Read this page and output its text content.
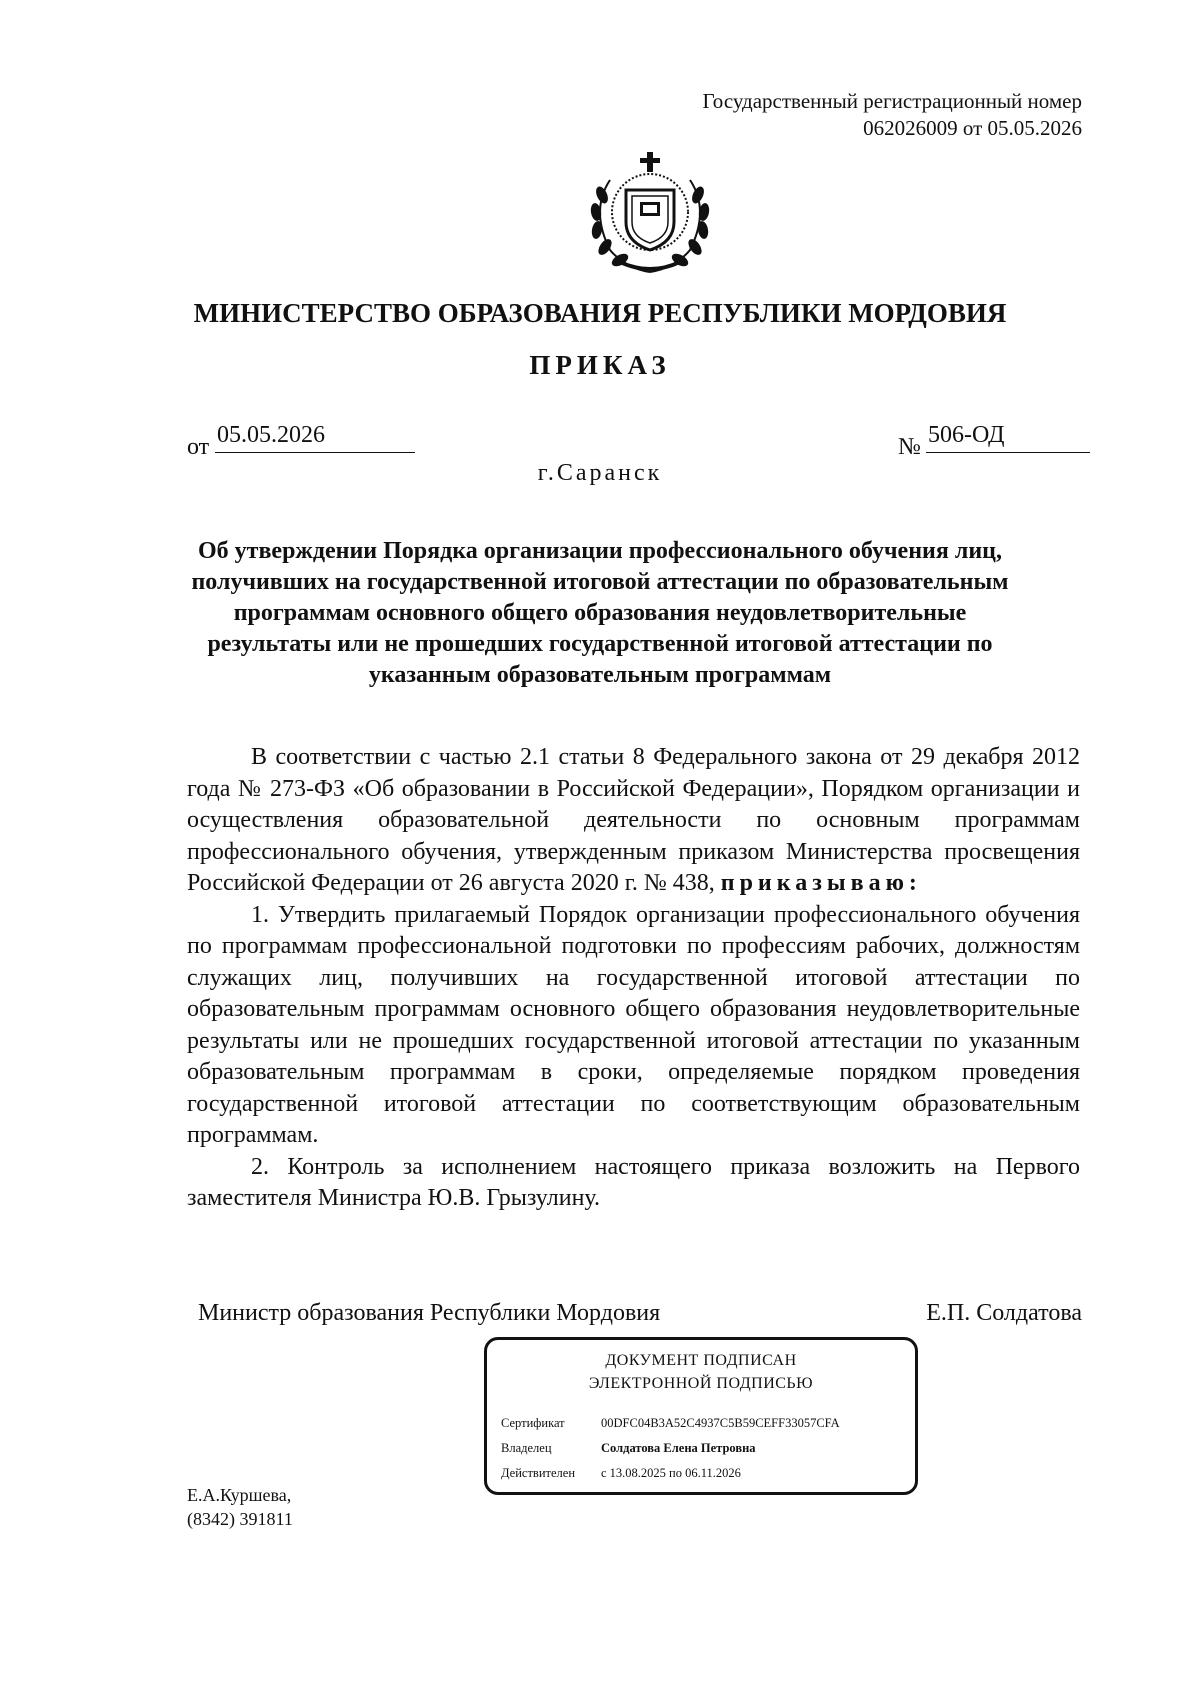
Государственный регистрационный номер
062026009 от 05.05.2026
МИНИСТЕРСТВО ОБРАЗОВАНИЯ РЕСПУБЛИКИ МОРДОВИЯ
ПРИКАЗ
от 05.05.2026	№ 506-ОД
г.Саранск
Об утверждении Порядка организации профессионального обучения лиц, получивших на государственной итоговой аттестации по образовательным программам основного общего образования неудовлетворительные результаты или не прошедших государственной итоговой аттестации по указанным образовательным программам

В соответствии с частью 2.1 статьи 8 Федерального закона от 29 декабря 2012 года № 273-ФЗ «Об образовании в Российской Федерации», Порядком организации и осуществления образовательной деятельности по основным программам профессионального обучения, утвержденным приказом Министерства просвещения Российской Федерации от 26 августа 2020 г. № 438, приказываю:

1. Утвердить прилагаемый Порядок организации профессионального обучения по программам профессиональной подготовки по профессиям рабочих, должностям служащих лиц, получивших на государственной итоговой аттестации по образовательным программам основного общего образования неудовлетворительные результаты или не прошедших государственной итоговой аттестации по указанным образовательным программам в сроки, определяемые порядком проведения государственной итоговой аттестации по соответствующим образовательным программам.

2. Контроль за исполнением настоящего приказа возложить на Первого заместителя Министра Ю.В. Грызулину.

Министр образования Республики Мордовия	Е.П. Солдатова
ДОКУМЕНТ ПОДПИСАН
ЭЛЕКТРОННОЙ ПОДПИСЬЮ
Сертификат	00DFC04B3A52C4937C5B59CEFF33057CFA
Владелец	Солдатова Елена Петровна
Действителен с 13.08.2025 по 06.11.2026
Е.А.Куршева,
(8342) 391811
